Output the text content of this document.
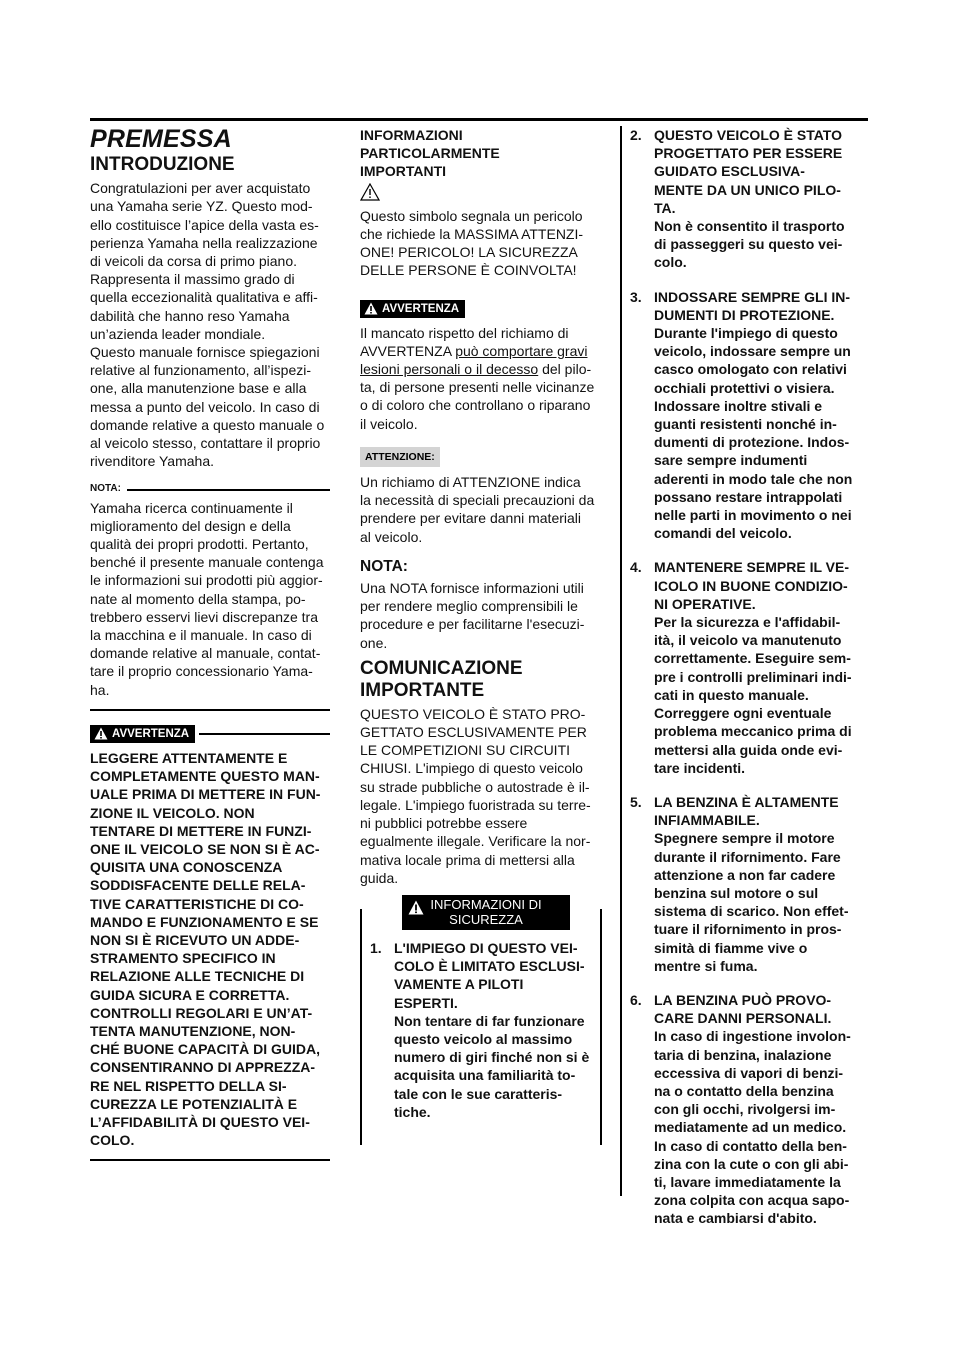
PREMESSA
INTRODUZIONE
Congratulazioni per aver acquistato
una Yamaha serie YZ. Questo mod-
ello costituisce l’apice della vasta es-
perienza Yamaha nella realizzazione
di veicoli da corsa di primo piano.
Rappresenta il massimo grado di
quella eccezionalità qualitativa e affi-
dabilità che hanno reso Yamaha
un’azienda leader mondiale.
Questo manuale fornisce spiegazioni
relative al funzionamento, all’ispezi-
one, alla manutenzione base e alla
messa a punto del veicolo. In caso di
domande relative a questo manuale o
al veicolo stesso, contattare il proprio
rivenditore Yamaha.
NOTA:
Yamaha ricerca continuamente il
miglioramento del design e della
qualità dei propri prodotti. Pertanto,
benché il presente manuale contenga
le informazioni sui prodotti più aggior-
nate al momento della stampa, po-
trebbero esservi lievi discrepanze tra
la macchina e il manuale. In caso di
domande relative al manuale, contat-
tare il proprio concessionario Yama-
ha.
AVVERTENZA
LEGGERE ATTENTAMENTE E
COMPLETAMENTE QUESTO MAN-
UALE PRIMA DI METTERE IN FUN-
ZIONE IL VEICOLO. NON
TENTARE DI METTERE IN FUNZI-
ONE IL VEICOLO SE NON SI È AC-
QUISITA UNA CONOSCENZA
SODDISFACENTE DELLE RELA-
TIVE CARATTERISTICHE DI CO-
MANDO E FUNZIONAMENTO E SE
NON SI È RICEVUTO UN ADDE-
STRAMENTO SPECIFICO IN
RELAZIONE ALLE TECNICHE DI
GUIDA SICURA E CORRETTA.
CONTROLLI REGOLARI E UN’AT-
TENTA MANUTENZIONE, NON-
CHÉ BUONE CAPACITÀ DI GUIDA,
CONSENTIRANNO DI APPREZZA-
RE NEL RISPETTO DELLA SI-
CUREZZA LE POTENZIALITÀ E
L’AFFIDABILITÀ DI QUESTO VEI-
COLO.
INFORMAZIONI
PARTICOLARMENTE
IMPORTANTI
Questo simbolo segnala un pericolo
che richiede la MASSIMA ATTENZI-
ONE! PERICOLO! LA SICUREZZA
DELLE PERSONE È COINVOLTA!
AVVERTENZA

Il mancato rispetto del richiamo di

AVVERTENZA può comportare gravi

lesioni personali o il decesso del pilo-

ta, di persone presenti nelle vicinanze

o di coloro che controllano o riparano

il veicolo.

ATTENZIONE:
Un richiamo di ATTENZIONE indica
la necessità di speciali precauzioni da
prendere per evitare danni materiali
al veicolo.
NOTA:
Una NOTA fornisce informazioni utili
per rendere meglio comprensibili le
procedure e per facilitarne l'esecuzi-
one.
COMUNICAZIONE
IMPORTANTE
QUESTO VEICOLO È STATO PRO-
GETTATO ESCLUSIVAMENTE PER
LE COMPETIZIONI SU CIRCUITI
CHIUSI. L'impiego di questo veicolo
su strade pubbliche o autostrade è il-
legale. L'impiego fuoristrada su terre-
ni pubblici potrebbe essere
egualmente illegale. Verificare la nor-
mativa locale prima di mettersi alla
guida.
INFORMAZIONI DI
SICUREZZA
1. L'IMPIEGO DI QUESTO VEI-
COLO È LIMITATO ESCLUSI-
VAMENTE A PILOTI
ESPERTI.
Non tentare di far funzionare
questo veicolo al massimo
numero di giri finché non si è
acquisita una familiarità to-
tale con le sue caratteris-
tiche.
2. QUESTO VEICOLO È STATO
PROGETTATO PER ESSERE
GUIDATO ESCLUSIVA-
MENTE DA UN UNICO PILO-
TA.
Non è consentito il trasporto
di passeggeri su questo vei-
colo.
3. INDOSSARE SEMPRE GLI IN-
DUMENTI DI PROTEZIONE.
Durante l'impiego di questo
veicolo, indossare sempre un
casco omologato con relativi
occhiali protettivi o visiera.
Indossare inoltre stivali e
guanti resistenti nonché in-
dumenti di protezione. Indos-
sare sempre indumenti
aderenti in modo tale che non
possano restare intrappolati
nelle parti in movimento o nei
comandi del veicolo.
4. MANTENERE SEMPRE IL VE-
ICOLO IN BUONE CONDIZIO-
NI OPERATIVE.
Per la sicurezza e l'affidabil-
ità, il veicolo va manutenuto
correttamente. Eseguire sem-
pre i controlli preliminari indi-
cati in questo manuale.
Correggere ogni eventuale
problema meccanico prima di
mettersi alla guida onde evi-
tare incidenti.
5. LA BENZINA È ALTAMENTE
INFIAMMABILE.
Spegnere sempre il motore
durante il rifornimento. Fare
attenzione a non far cadere
benzina sul motore o sul
sistema di scarico. Non effet-
tuare il rifornimento in pros-
simità di fiamme vive o
mentre si fuma.
6. LA BENZINA PUÒ PROVO-
CARE DANNI PERSONALI.
In caso di ingestione involon-
taria di benzina, inalazione
eccessiva di vapori di benzi-
na o contatto della benzina
con gli occhi, rivolgersi im-
mediatamente ad un medico.
In caso di contatto della ben-
zina con la cute o con gli abi-
ti, lavare immediatamente la
zona colpita con acqua sapo-
nata e cambiarsi d'abito.
